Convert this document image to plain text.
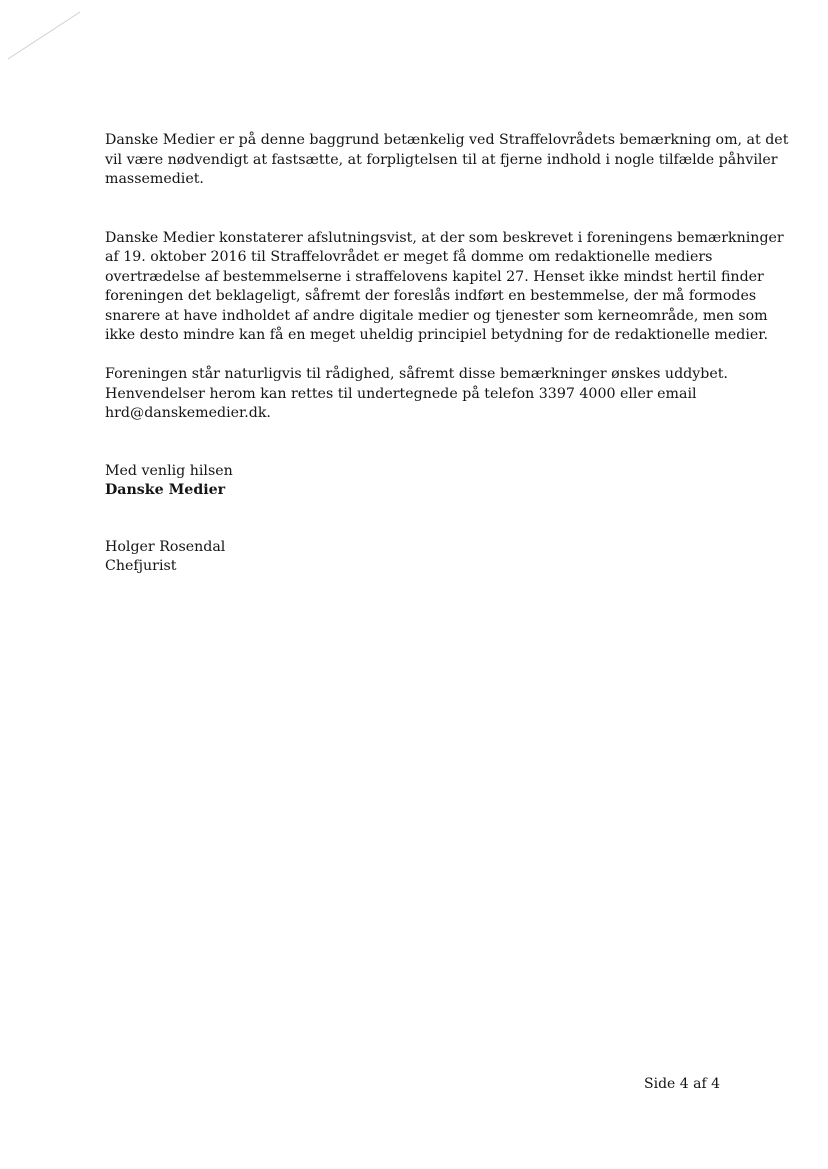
Danske Medier er på denne baggrund betænkelig ved Straffelovrådets bemærkning om, at det
vil være nødvendigt at fastsætte, at forpligtelsen til at fjerne indhold i nogle tilfælde påhviler
massemediet.
Danske Medier konstaterer afslutningsvist, at der som beskrevet i foreningens bemærkninger
af 19. oktober 2016 til Straffelovrådet er meget få domme om redaktionelle mediers
overtrædelse af bestemmelserne i straffelovens kapitel 27. Henset ikke mindst hertil finder
foreningen det beklageligt, såfremt der foreslås indført en bestemmelse, der må formodes
snarere at have indholdet af andre digitale medier og tjenester som kerneområde, men som
ikke desto mindre kan få en meget uheldig principiel betydning for de redaktionelle medier.
Foreningen står naturligvis til rådighed, såfremt disse bemærkninger ønskes uddybet.
Henvendelser herom kan rettes til undertegnede på telefon 3397 4000 eller email
hrd@danskemedier.dk.
Med venlig hilsen
Danske Medier
Holger Rosendal
Chefjurist
Side 4 af 4
